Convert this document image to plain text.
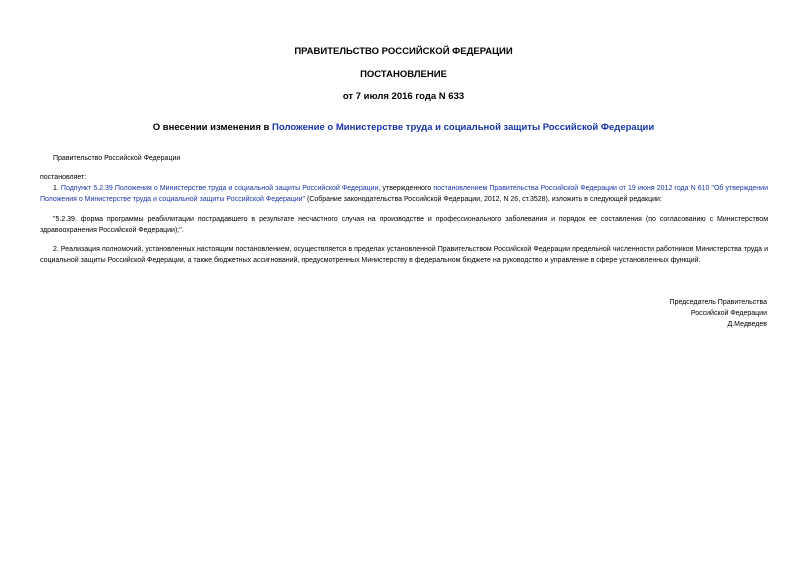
ПРАВИТЕЛЬСТВО РОССИЙСКОЙ ФЕДЕРАЦИИ
ПОСТАНОВЛЕНИЕ
от 7 июля 2016 года N 633
О внесении изменения в Положение о Министерстве труда и социальной защиты Российской Федерации
Правительство Российской Федерации
постановляет:

1. Подпункт 5.2.39 Положения о Министерстве труда и социальной защиты Российской Федерации, утвержденного постановлением Правительства Российской Федерации от 19 июня 2012 года N 610 "Об утверждении Положения о Министерстве труда и социальной защиты Российской Федерации" (Собрание законодательства Российской Федерации, 2012, N 26, ст.3528), изложить в следующей редакции:

"5.2.39. форма программы реабилитации пострадавшего в результате несчастного случая на производстве и профессионального заболевания и порядок ее составления (по согласованию с Министерством здравоохранения Российской Федерации);".

2. Реализация полномочий, установленных настоящим постановлением, осуществляется в пределах установленной Правительством Российской Федерации предельной численности работников Министерства труда и социальной защиты Российской Федерации, а также бюджетных ассигнований, предусмотренных Министерству в федеральном бюджете на руководство и управление в сфере установленных функций.

Председатель Правительства
Российской Федерации
Д.Медведев
